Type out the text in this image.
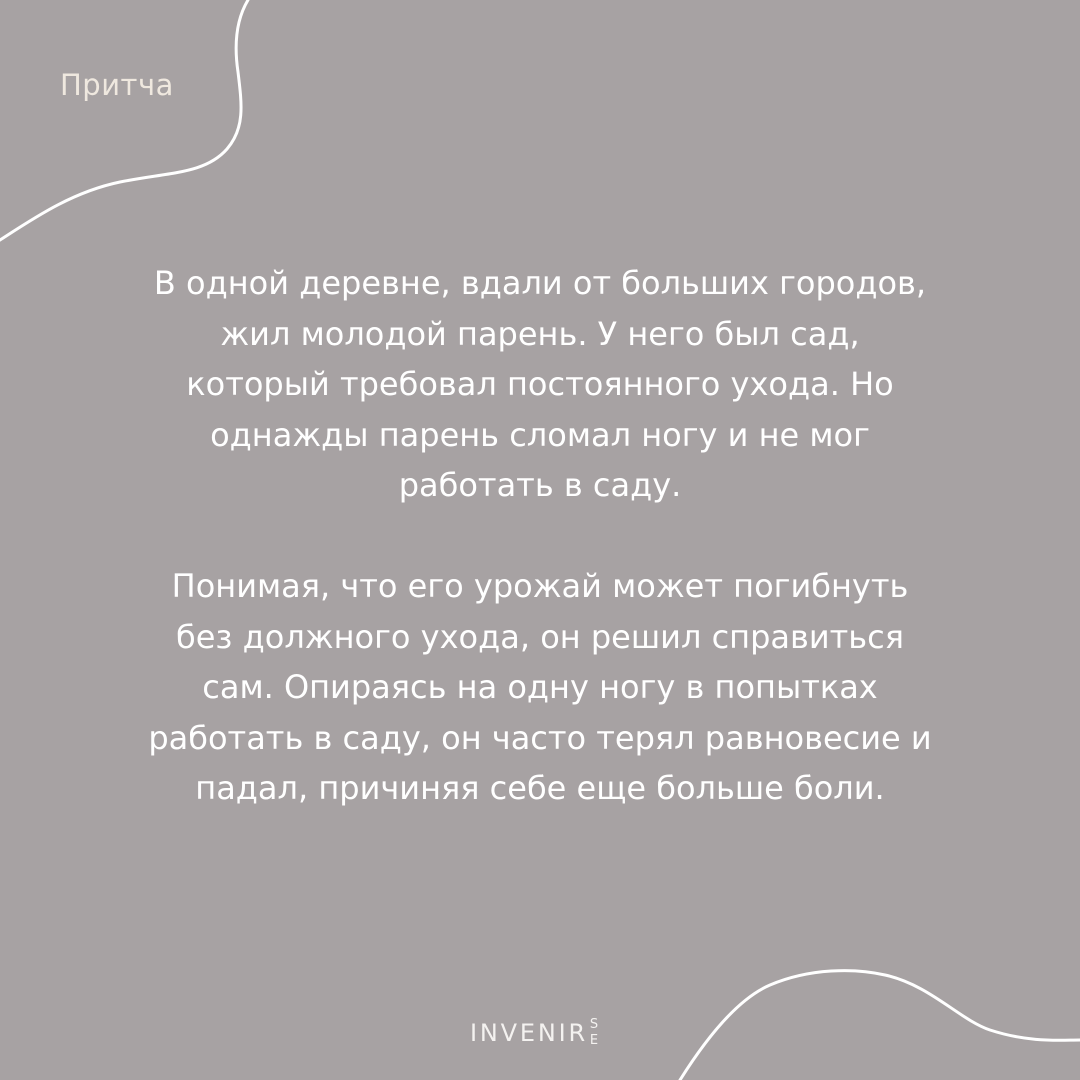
Притча

В одной деревне, вдали от больших городов,
жил молодой парень. У него был сад,
который требовал постоянного ухода. Но
однажды парень сломал ногу и не мог
работать в саду.

Понимая, что его урожай может погибнуть
без должного ухода, он решил справиться
сам. Опираясь на одну ногу в попытках
работать в саду, он часто терял равновесие и
падал, причиняя себе еще больше боли.

INVENIR S
E
